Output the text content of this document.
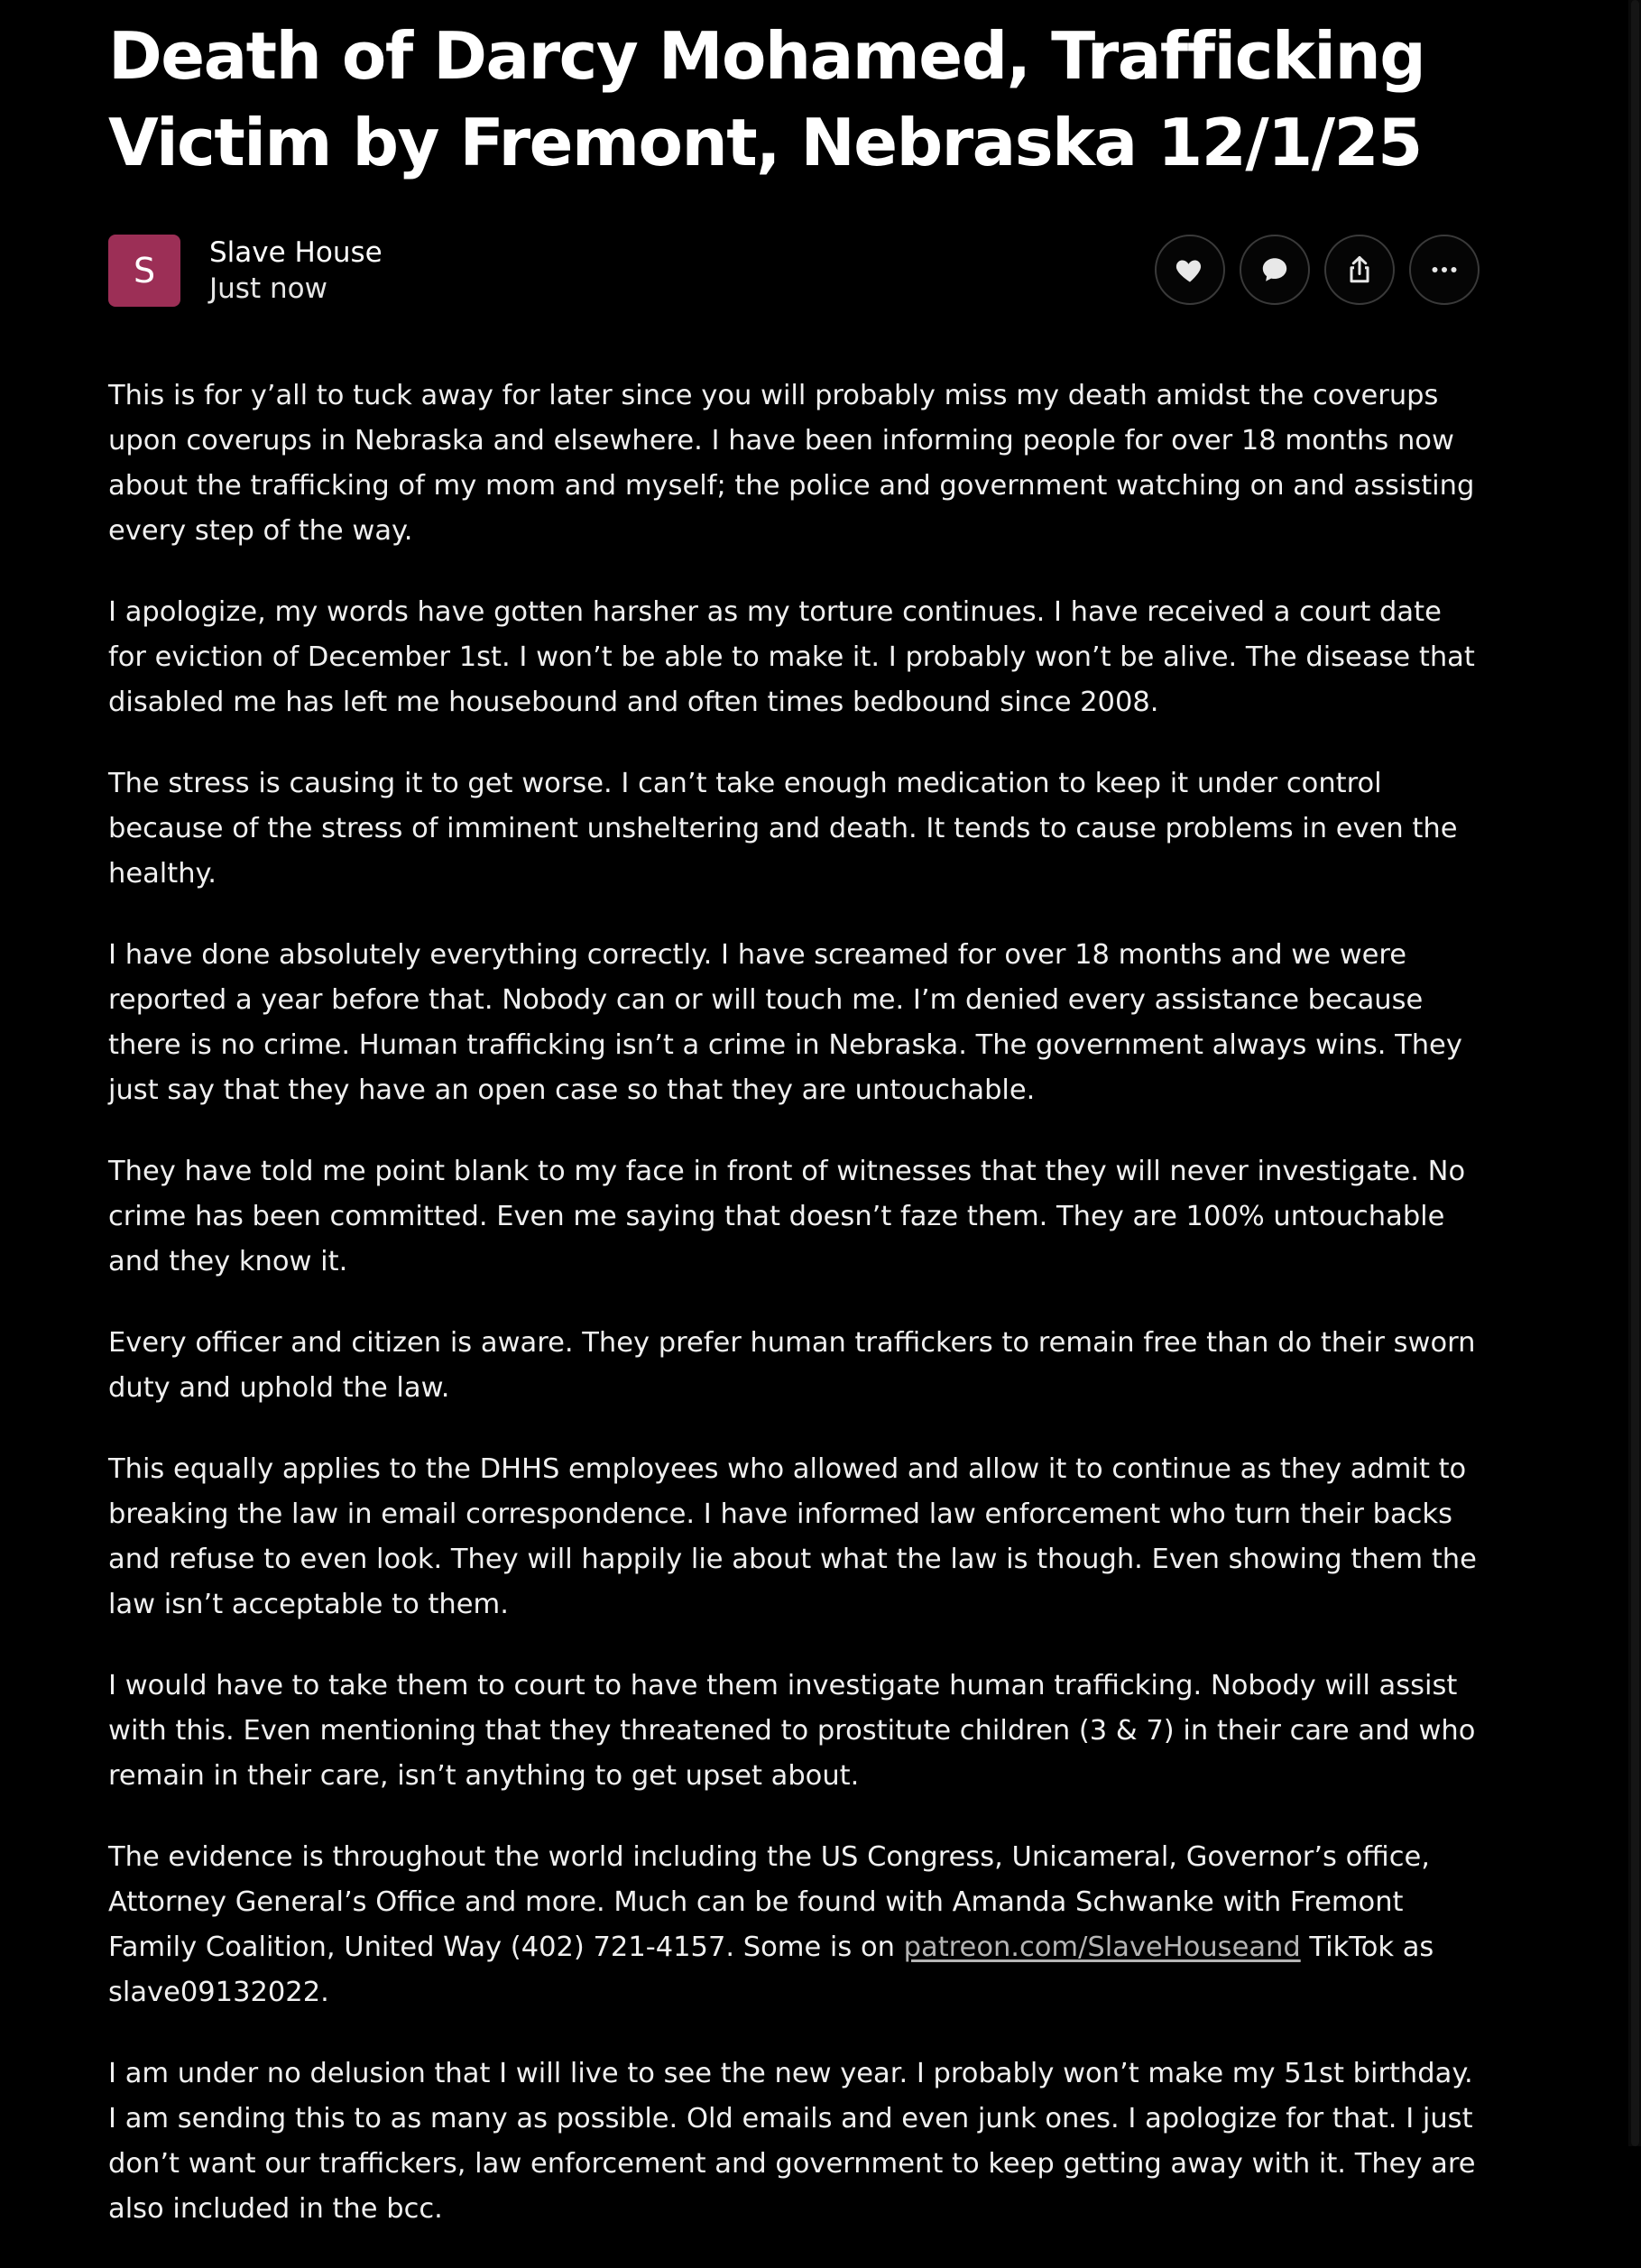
Death of Darcy Mohamed, Trafficking Victim by Fremont, Nebraska 12/1/25
S	Slave House
Just now

This is for y’all to tuck away for later since you will probably miss my death amidst the coverups upon coverups in Nebraska and elsewhere. I have been informing people for over 18 months now about the trafficking of my mom and myself; the police and government watching on and assisting every step of the way.

I apologize, my words have gotten harsher as my torture continues. I have received a court date for eviction of December 1st. I won’t be able to make it. I probably won’t be alive. The disease that disabled me has left me housebound and often times bedbound since 2008.

The stress is causing it to get worse. I can’t take enough medication to keep it under control because of the stress of imminent unsheltering and death. It tends to cause problems in even the healthy.

I have done absolutely everything correctly. I have screamed for over 18 months and we were reported a year before that. Nobody can or will touch me. I’m denied every assistance because there is no crime. Human trafficking isn’t a crime in Nebraska. The government always wins. They just say that they have an open case so that they are untouchable.

They have told me point blank to my face in front of witnesses that they will never investigate. No crime has been committed. Even me saying that doesn’t faze them. They are 100% untouchable and they know it.

Every officer and citizen is aware. They prefer human traffickers to remain free than do their sworn duty and uphold the law.

This equally applies to the DHHS employees who allowed and allow it to continue as they admit to breaking the law in email correspondence. I have informed law enforcement who turn their backs and refuse to even look. They will happily lie about what the law is though. Even showing them the law isn’t acceptable to them.

I would have to take them to court to have them investigate human trafficking. Nobody will assist with this. Even mentioning that they threatened to prostitute children (3 & 7) in their care and who remain in their care, isn’t anything to get upset about.

The evidence is throughout the world including the US Congress, Unicameral, Governor’s office, Attorney General’s Office and more. Much can be found with Amanda Schwanke with Fremont Family Coalition, United Way (402) 721-4157. Some is on patreon.com/SlaveHouseand TikTok as slave09132022.

I am under no delusion that I will live to see the new year. I probably won’t make my 51st birthday. I am sending this to as many as possible. Old emails and even junk ones. I apologize for that. I just don’t want our traffickers, law enforcement and government to keep getting away with it. They are also included in the bcc.
